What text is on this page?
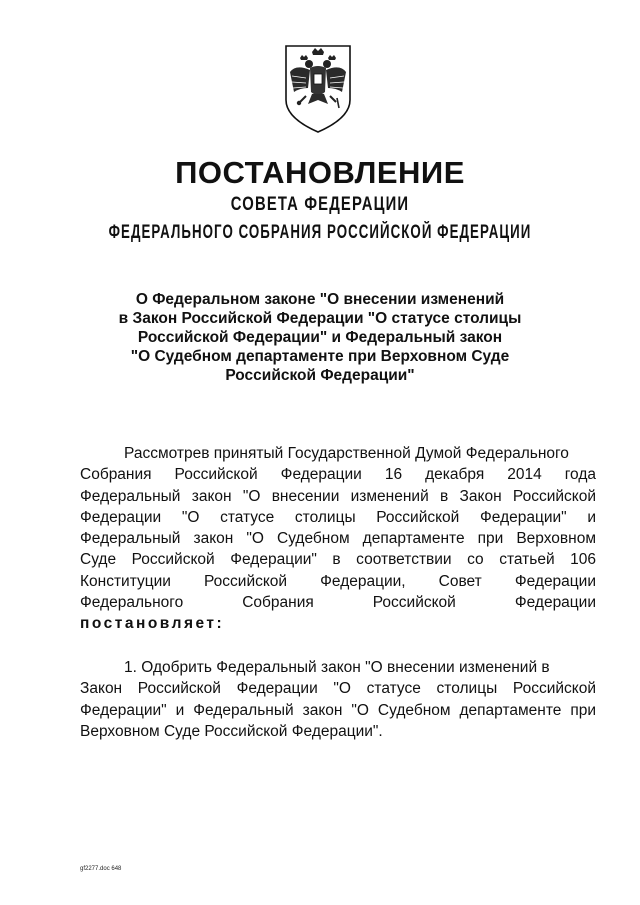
ПОСТАНОВЛЕНИЕ
СОВЕТА ФЕДЕРАЦИИ
ФЕДЕРАЛЬНОГО СОБРАНИЯ РОССИЙСКОЙ ФЕДЕРАЦИИ
О Федеральном законе "О внесении изменений
в Закон Российской Федерации "О статусе столицы
Российской Федерации" и Федеральный закон
"О Судебном департаменте при Верховном Суде
Российской Федерации"
Рассмотрев принятый Государственной Думой Федерального
Собрания Российской Федерации 16 декабря 2014 года
Федеральный закон "О внесении изменений в Закон Российской
Федерации "О статусе столицы Российской Федерации" и
Федеральный закон "О Судебном департаменте при Верховном
Суде Российской Федерации" в соответствии со статьей 106
Конституции Российской Федерации, Совет Федерации
Федерального Собрания Российской Федерации
постановляет:
1. Одобрить Федеральный закон "О внесении изменений в
Закон Российской Федерации "О статусе столицы Российской
Федерации" и Федеральный закон "О Судебном департаменте при
Верховном Суде Российской Федерации".
gf2277.doc 648
